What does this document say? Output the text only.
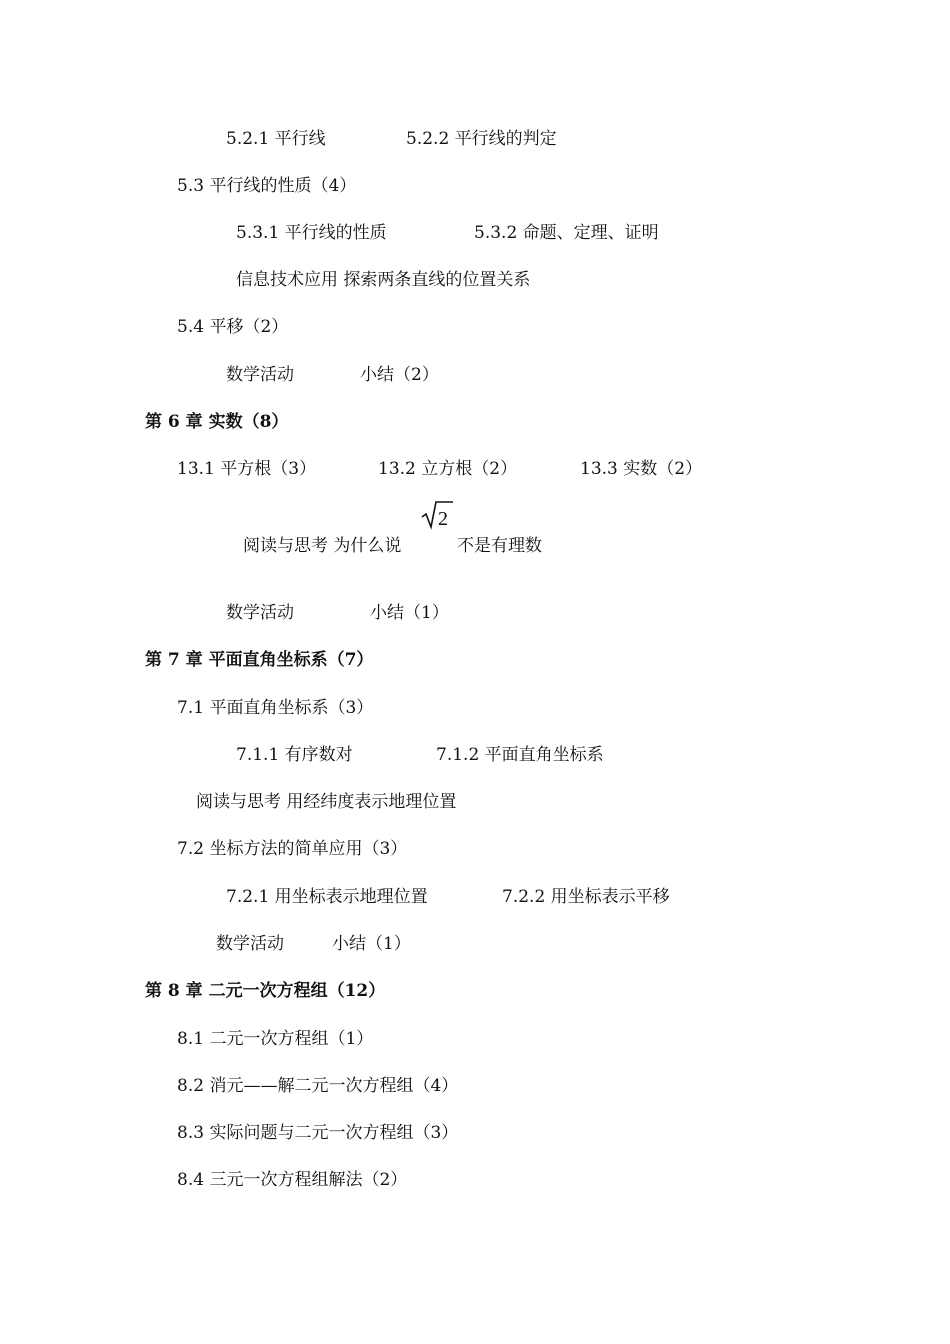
5.2.1 平行线	5.2.2 平行线的判定
5.3 平行线的性质（4）
5.3.1 平行线的性质	5.3.2 命题、定理、证明
信息技术应用 探索两条直线的位置关系
5.4 平移（2）
数学活动	小结（2）
第 6 章 实数（8）
13.1 平方根（3）	13.2 立方根（2）	13.3 实数（2）
2
阅读与思考 为什么说	不是有理数
数学活动	小结（1）
第 7 章 平面直角坐标系（7）
7.1 平面直角坐标系（3）
7.1.1 有序数对	7.1.2 平面直角坐标系
阅读与思考 用经纬度表示地理位置
7.2 坐标方法的简单应用（3）
7.2.1 用坐标表示地理位置	7.2.2 用坐标表示平移
数学活动	小结（1）
第 8 章 二元一次方程组（12）
8.1 二元一次方程组（1）
8.2 消元——解二元一次方程组（4）
8.3 实际问题与二元一次方程组（3）
8.4 三元一次方程组解法（2）
